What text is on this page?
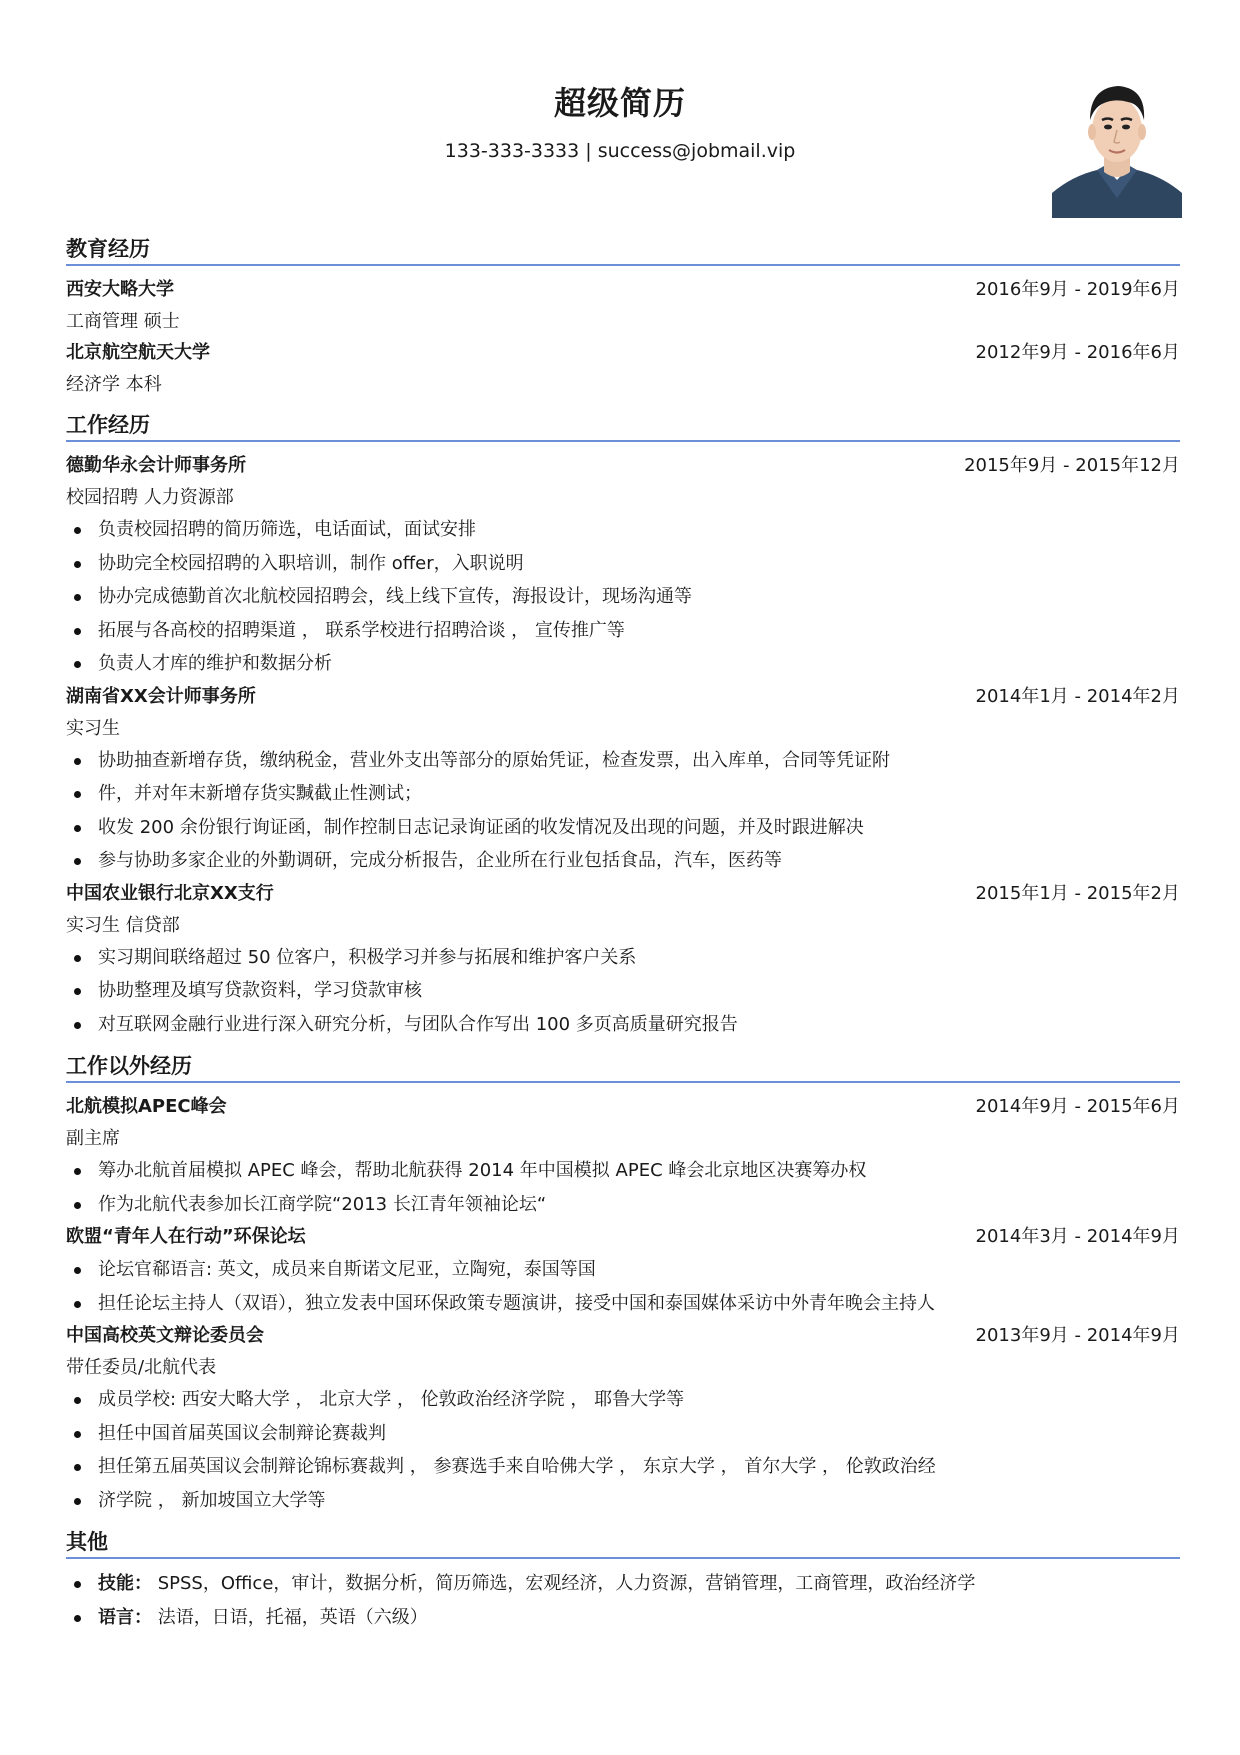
超级简历
133-333-3333 | success@jobmail.vip
教育经历
西安大略大学	2016年9月 - 2019年6月
工商管理 硕士
北京航空航天大学	2012年9月 - 2016年6月
经济学 本科
工作经历
德勤华永会计师事务所	2015年9月 - 2015年12月
校园招聘 人力资源部
负责校园招聘的简历筛选，电话面试，面试安排
协助完全校园招聘的入职培训，制作 offer，入职说明
协办完成德勤首次北航校园招聘会，线上线下宣传，海报设计，现场沟通等
拓展与各高校的招聘渠道 ， 联系学校进行招聘洽谈 ， 宣传推广等
负责人才库的维护和数据分析
湖南省XX会计师事务所	2014年1月 - 2014年2月
实习生
协助抽查新增存货，缴纳税金，营业外支出等部分的原始凭证，检查发票，出入库单，合同等凭证附
件，并对年末新增存货实黬截止性测试；
收发 200 余份银行询证函，制作控制日志记录询证函的收发情况及出现的问题，并及时跟进解决
参与协助多家企业的外勤调研，完成分析报告，企业所在行业包括食品，汽车，医药等
中国农业银行北京XX支行	2015年1月 - 2015年2月
实习生 信贷部
实习期间联络超过 50 位客户，积极学习并参与拓展和维护客户关系
协助整理及填写贷款资料，学习贷款审核
对互联网金融行业进行深入研究分析，与团队合作写出 100 多页高质量研究报告
工作以外经历
北航模拟APEC峰会	2014年9月 - 2015年6月
副主席
筹办北航首届模拟 APEC 峰会，帮助北航获得 2014 年中国模拟 APEC 峰会北京地区决赛筹办权
作为北航代表参加长江商学院“2013 长江青年领袖论坛“
欧盟“青年人在行动”环保论坛	2014年3月 - 2014年9月
论坛官郗语言: 英文，成员来自斯诺文尼亚，立陶宛，泰国等国
担任论坛主持人（双语），独立发表中国环保政策专题演讲，接受中国和泰国媒体采访中外青年晚会主持人
中国高校英文辩论委员会	2013年9月 - 2014年9月
带任委员/北航代表
成员学校: 西安大略大学 ， 北京大学 ， 伦敦政治经济学院 ， 耶鲁大学等
担任中国首届英国议会制辩论赛裁判
担任第五届英国议会制辩论锦标赛裁判 ， 参赛选手来自哈佛大学 ， 东京大学 ， 首尔大学 ， 伦敦政治经
济学院 ， 新加坡国立大学等
其他
技能： SPSS，Office，审计，数据分析，简历筛选，宏观经济，人力资源，营销管理，工商管理，政治经济学
语言： 法语，日语，托福，英语（六级）
